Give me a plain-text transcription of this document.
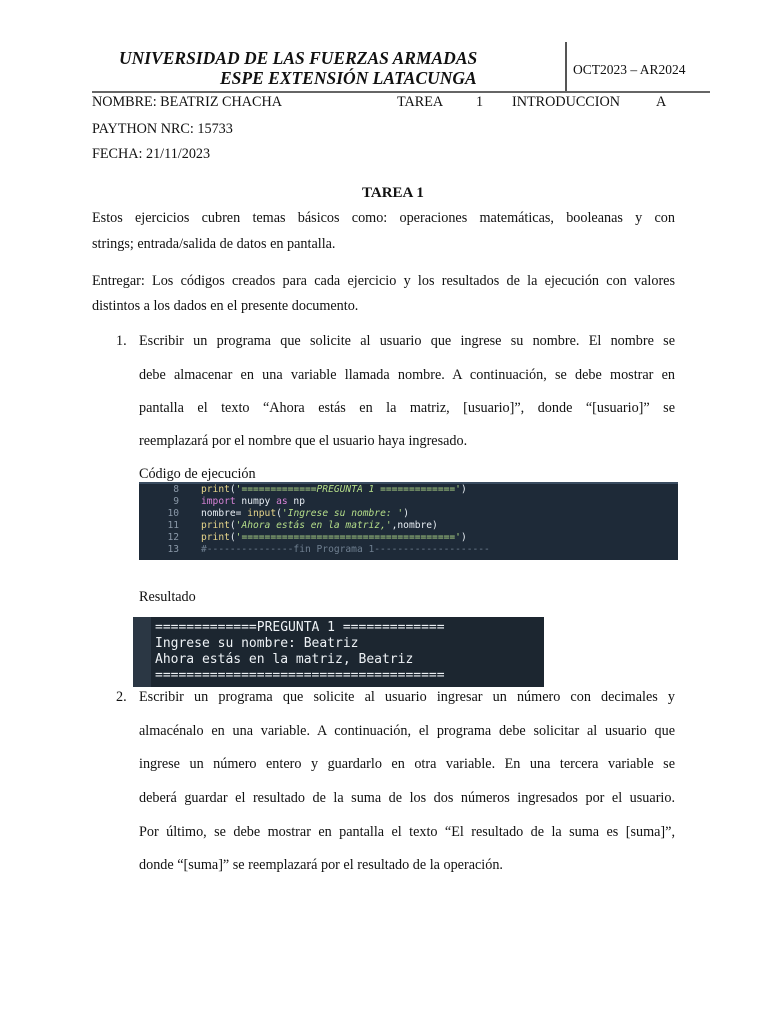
UNIVERSIDAD DE LAS FUERZAS ARMADAS
ESPE EXTENSIÓN LATACUNGA	OCT2023 – AR2024
NOMBRE: BEATRIZ CHACHA	TAREA 1 INTRODUCCION	A
PAYTHON NRC: 15733
FECHA: 21/11/2023
TAREA 1
Estos ejercicios cubren temas básicos como: operaciones matemáticas, booleanas y con
strings; entrada/salida de datos en pantalla.
Entregar: Los códigos creados para cada ejercicio y los resultados de la ejecución con valores
distintos a los dados en el presente documento.
1. Escribir un programa que solicite al usuario que ingrese su nombre. El nombre se
debe almacenar en una variable llamada nombre. A continuación, se debe mostrar en
pantalla el texto “Ahora estás en la matriz, [usuario]”, donde “[usuario]” se
reemplazará por el nombre que el usuario haya ingresado.
Código de ejecución
8 print('=============PREGUNTA 1 =============')
9 import numpy as np
10 nombre= input('Ingrese su nombre: ')
11 print('Ahora estás en la matriz,',nombre)
12 print('=====================================')
13 #---------------fin Programa 1--------------------
Resultado
=============PREGUNTA 1 =============
Ingrese su nombre: Beatriz
Ahora estás en la matriz, Beatriz
=====================================
2. Escribir un programa que solicite al usuario ingresar un número con decimales y
almacénalo en una variable. A continuación, el programa debe solicitar al usuario que
ingrese un número entero y guardarlo en otra variable. En una tercera variable se
deberá guardar el resultado de la suma de los dos números ingresados por el usuario.
Por último, se debe mostrar en pantalla el texto “El resultado de la suma es [suma]”,
donde “[suma]” se reemplazará por el resultado de la operación.
